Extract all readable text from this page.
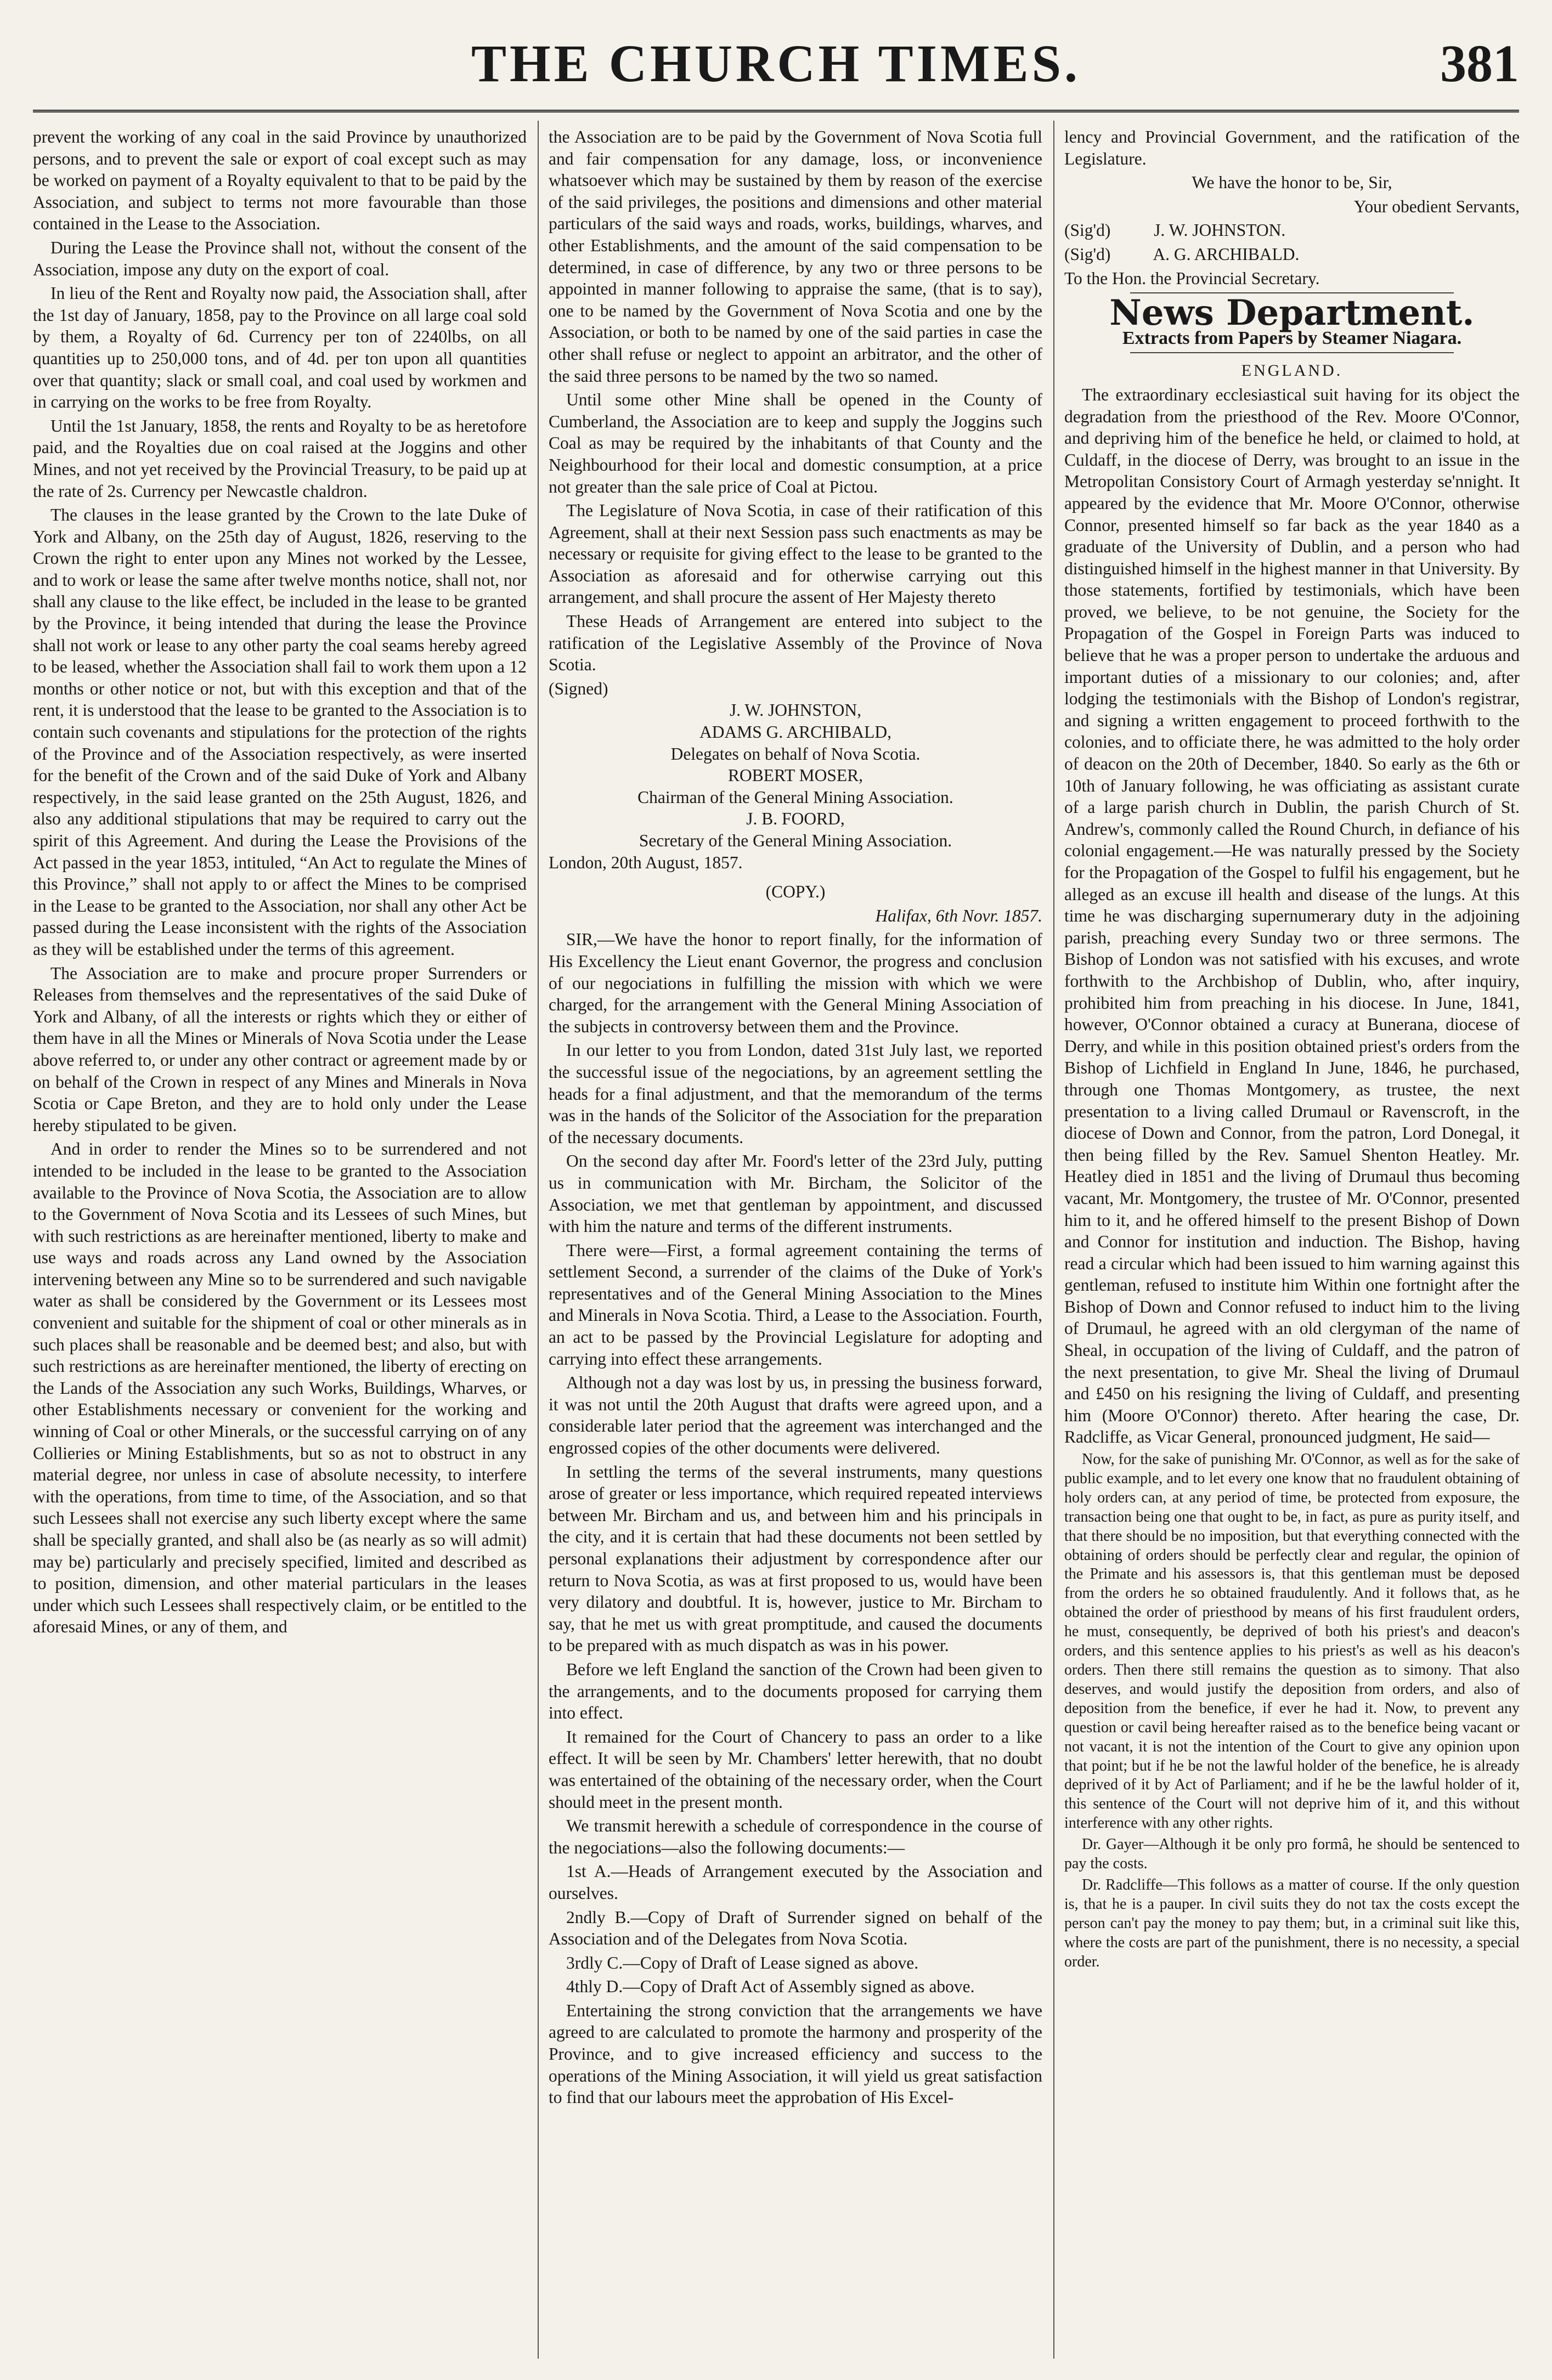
THE CHURCH TIMES.	381

prevent the working of any coal in the said Province by unauthorized persons, and to prevent the sale or export of coal except such as may be worked on payment of a Royalty equivalent to that to be paid by the Association, and subject to terms not more favourable than those contained in the Lease to the Association.

During the Lease the Province shall not, without the consent of the Association, impose any duty on the export of coal.

In lieu of the Rent and Royalty now paid, the Association shall, after the 1st day of January, 1858, pay to the Province on all large coal sold by them, a Royalty of 6d. Currency per ton of 2240lbs, on all quantities up to 250,000 tons, and of 4d. per ton upon all quantities over that quantity; slack or small coal, and coal used by workmen and in carrying on the works to be free from Royalty.

Until the 1st January, 1858, the rents and Royalty to be as heretofore paid, and the Royalties due on coal raised at the Joggins and other Mines, and not yet received by the Provincial Treasury, to be paid up at the rate of 2s. Currency per Newcastle chaldron.

The clauses in the lease granted by the Crown to the late Duke of York and Albany, on the 25th day of August, 1826, reserving to the Crown the right to enter upon any Mines not worked by the Lessee, and to work or lease the same after twelve months notice, shall not, nor shall any clause to the like effect, be included in the lease to be granted by the Province, it being intended that during the lease the Province shall not work or lease to any other party the coal seams hereby agreed to be leased, whether the Association shall fail to work them upon a 12 months or other notice or not, but with this exception and that of the rent, it is understood that the lease to be granted to the Association is to contain such covenants and stipulations for the protection of the rights of the Province and of the Association respectively, as were inserted for the benefit of the Crown and of the said Duke of York and Albany respectively, in the said lease granted on the 25th August, 1826, and also any additional stipulations that may be required to carry out the spirit of this Agreement. And during the Lease the Provisions of the Act passed in the year 1853, intituled, “An Act to regulate the Mines of this Province,” shall not apply to or affect the Mines to be comprised in the Lease to be granted to the Association, nor shall any other Act be passed during the Lease inconsistent with the rights of the Association as they will be established under the terms of this agreement.

The Association are to make and procure proper Surrenders or Releases from themselves and the representatives of the said Duke of York and Albany, of all the interests or rights which they or either of them have in all the Mines or Minerals of Nova Scotia under the Lease above referred to, or under any other contract or agreement made by or on behalf of the Crown in respect of any Mines and Minerals in Nova Scotia or Cape Breton, and they are to hold only under the Lease hereby stipulated to be given.

And in order to render the Mines so to be surrendered and not intended to be included in the lease to be granted to the Association available to the Province of Nova Scotia, the Association are to allow to the Government of Nova Scotia and its Lessees of such Mines, but with such restrictions as are hereinafter mentioned, liberty to make and use ways and roads across any Land owned by the Association intervening between any Mine so to be surrendered and such navigable water as shall be considered by the Government or its Lessees most convenient and suitable for the shipment of coal or other minerals as in such places shall be reasonable and be deemed best; and also, but with such restrictions as are hereinafter mentioned, the liberty of erecting on the Lands of the Association any such Works, Buildings, Wharves, or other Establishments necessary or convenient for the working and winning of Coal or other Minerals, or the successful carrying on of any Collieries or Mining Establishments, but so as not to obstruct in any material degree, nor unless in case of absolute necessity, to interfere with the operations, from time to time, of the Association, and so that such Lessees shall not exercise any such liberty except where the same shall be specially granted, and shall also be (as nearly as so will admit) may be) particularly and precisely specified, limited and described as to position, dimension, and other material particulars in the leases under which such Lessees shall respectively claim, or be entitled to the aforesaid Mines, or any of them, and

the Association are to be paid by the Government of Nova Scotia full and fair compensation for any damage, loss, or inconvenience whatsoever which may be sustained by them by reason of the exercise of the said privileges, the positions and dimensions and other material particulars of the said ways and roads, works, buildings, wharves, and other Establishments, and the amount of the said compensation to be determined, in case of difference, by any two or three persons to be appointed in manner following to appraise the same, (that is to say), one to be named by the Government of Nova Scotia and one by the Association, or both to be named by one of the said parties in case the other shall refuse or neglect to appoint an arbitrator, and the other of the said three persons to be named by the two so named.

Until some other Mine shall be opened in the County of Cumberland, the Association are to keep and supply the Joggins such Coal as may be required by the inhabitants of that County and the Neighbourhood for their local and domestic consumption, at a price not greater than the sale price of Coal at Pictou.

The Legislature of Nova Scotia, in case of their ratification of this Agreement, shall at their next Session pass such enactments as may be necessary or requisite for giving effect to the lease to be granted to the Association as aforesaid and for otherwise carrying out this arrangement, and shall procure the assent of Her Majesty thereto

These Heads of Arrangement are entered into subject to the ratification of the Legislative Assembly of the Province of Nova Scotia.

(Signed)
J. W. JOHNSTON,
ADAMS G. ARCHIBALD,
Delegates on behalf of Nova Scotia.
ROBERT MOSER,
Chairman of the General Mining Association.
J. B. FOORD,
Secretary of the General Mining Association.
London, 20th August, 1857.

(COPY.)

Halifax, 6th Novr. 1857.

SIR,—We have the honor to report finally, for the information of His Excellency the Lieut enant Governor, the progress and conclusion of our negociations in fulfilling the mission with which we were charged, for the arrangement with the General Mining Association of the subjects in controversy between them and the Province.

In our letter to you from London, dated 31st July last, we reported the successful issue of the negociations, by an agreement settling the heads for a final adjustment, and that the memorandum of the terms was in the hands of the Solicitor of the Association for the preparation of the necessary documents.

On the second day after Mr. Foord's letter of the 23rd July, putting us in communication with Mr. Bircham, the Solicitor of the Association, we met that gentleman by appointment, and discussed with him the nature and terms of the different instruments.

There were—First, a formal agreement containing the terms of settlement Second, a surrender of the claims of the Duke of York's representatives and of the General Mining Association to the Mines and Minerals in Nova Scotia. Third, a Lease to the Association. Fourth, an act to be passed by the Provincial Legislature for adopting and carrying into effect these arrangements.

Although not a day was lost by us, in pressing the business forward, it was not until the 20th August that drafts were agreed upon, and a considerable later period that the agreement was interchanged and the engrossed copies of the other documents were delivered.

In settling the terms of the several instruments, many questions arose of greater or less importance, which required repeated interviews between Mr. Bircham and us, and between him and his principals in the city, and it is certain that had these documents not been settled by personal explanations their adjustment by correspondence after our return to Nova Scotia, as was at first proposed to us, would have been very dilatory and doubtful. It is, however, justice to Mr. Bircham to say, that he met us with great promptitude, and caused the documents to be prepared with as much dispatch as was in his power.

Before we left England the sanction of the Crown had been given to the arrangements, and to the documents proposed for carrying them into effect.

It remained for the Court of Chancery to pass an order to a like effect. It will be seen by Mr. Chambers' letter herewith, that no doubt was entertained of the obtaining of the necessary order, when the Court should meet in the present month.

We transmit herewith a schedule of correspondence in the course of the negociations—also the following documents:—

1st A.—Heads of Arrangement executed by the Association and ourselves.

2ndly B.—Copy of Draft of Surrender signed on behalf of the Association and of the Delegates from Nova Scotia.

3rdly C.—Copy of Draft of Lease signed as above.

4thly D.—Copy of Draft Act of Assembly signed as above.

Entertaining the strong conviction that the arrangements we have agreed to are calculated to promote the harmony and prosperity of the Province, and to give increased efficiency and success to the operations of the Mining Association, it will yield us great satisfaction to find that our labours meet the approbation of His Excel-

lency and Provincial Government, and the ratification of the Legislature.

We have the honor to be, Sir,

Your obedient Servants,

(Sig'd)          J. W. JOHNSTON.

(Sig'd)          A. G. ARCHIBALD.

To the Hon. the Provincial Secretary.

News Department.

Extracts from Papers by Steamer Niagara.

ENGLAND.

The extraordinary ecclesiastical suit having for its object the degradation from the priesthood of the Rev. Moore O'Connor, and depriving him of the benefice he held, or claimed to hold, at Culdaff, in the diocese of Derry, was brought to an issue in the Metropolitan Consistory Court of Armagh yesterday se'nnight. It appeared by the evidence that Mr. Moore O'Connor, otherwise Connor, presented himself so far back as the year 1840 as a graduate of the University of Dublin, and a person who had distinguished himself in the highest manner in that University. By those statements, fortified by testimonials, which have been proved, we believe, to be not genuine, the Society for the Propagation of the Gospel in Foreign Parts was induced to believe that he was a proper person to undertake the arduous and important duties of a missionary to our colonies; and, after lodging the testimonials with the Bishop of London's registrar, and signing a written engagement to proceed forthwith to the colonies, and to officiate there, he was admitted to the holy order of deacon on the 20th of December, 1840. So early as the 6th or 10th of January following, he was officiating as assistant curate of a large parish church in Dublin, the parish Church of St. Andrew's, commonly called the Round Church, in defiance of his colonial engagement.—He was naturally pressed by the Society for the Propagation of the Gospel to fulfil his engagement, but he alleged as an excuse ill health and disease of the lungs. At this time he was discharging supernumerary duty in the adjoining parish, preaching every Sunday two or three sermons. The Bishop of London was not satisfied with his excuses, and wrote forthwith to the Archbishop of Dublin, who, after inquiry, prohibited him from preaching in his diocese. In June, 1841, however, O'Connor obtained a curacy at Bunerana, diocese of Derry, and while in this position obtained priest's orders from the Bishop of Lichfield in England In June, 1846, he purchased, through one Thomas Montgomery, as trustee, the next presentation to a living called Drumaul or Ravenscroft, in the diocese of Down and Connor, from the patron, Lord Donegal, it then being filled by the Rev. Samuel Shenton Heatley. Mr. Heatley died in 1851 and the living of Drumaul thus becoming vacant, Mr. Montgomery, the trustee of Mr. O'Connor, presented him to it, and he offered himself to the present Bishop of Down and Connor for institution and induction. The Bishop, having read a circular which had been issued to him warning against this gentleman, refused to institute him Within one fortnight after the Bishop of Down and Connor refused to induct him to the living of Drumaul, he agreed with an old clergyman of the name of Sheal, in occupation of the living of Culdaff, and the patron of the next presentation, to give Mr. Sheal the living of Drumaul and £450 on his resigning the living of Culdaff, and presenting him (Moore O'Connor) thereto. After hearing the case, Dr. Radcliffe, as Vicar General, pronounced judgment, He said—

Now, for the sake of punishing Mr. O'Connor, as well as for the sake of public example, and to let every one know that no fraudulent obtaining of holy orders can, at any period of time, be protected from exposure, the transaction being one that ought to be, in fact, as pure as purity itself, and that there should be no imposition, but that everything connected with the obtaining of orders should be perfectly clear and regular, the opinion of the Primate and his assessors is, that this gentleman must be deposed from the orders he so obtained fraudulently. And it follows that, as he obtained the order of priesthood by means of his first fraudulent orders, he must, consequently, be deprived of both his priest's and deacon's orders, and this sentence applies to his priest's as well as his deacon's orders. Then there still remains the question as to simony. That also deserves, and would justify the deposition from orders, and also of deposition from the benefice, if ever he had it. Now, to prevent any question or cavil being hereafter raised as to the benefice being vacant or not vacant, it is not the intention of the Court to give any opinion upon that point; but if he be not the lawful holder of the benefice, he is already deprived of it by Act of Parliament; and if he be the lawful holder of it, this sentence of the Court will not deprive him of it, and this without interference with any other rights.

Dr. Gayer—Although it be only pro formâ, he should be sentenced to pay the costs.

Dr. Radcliffe—This follows as a matter of course. If the only question is, that he is a pauper. In civil suits they do not tax the costs except the person can't pay the money to pay them; but, in a criminal suit like this, where the costs are part of the punishment, there is no necessity, a special order.
